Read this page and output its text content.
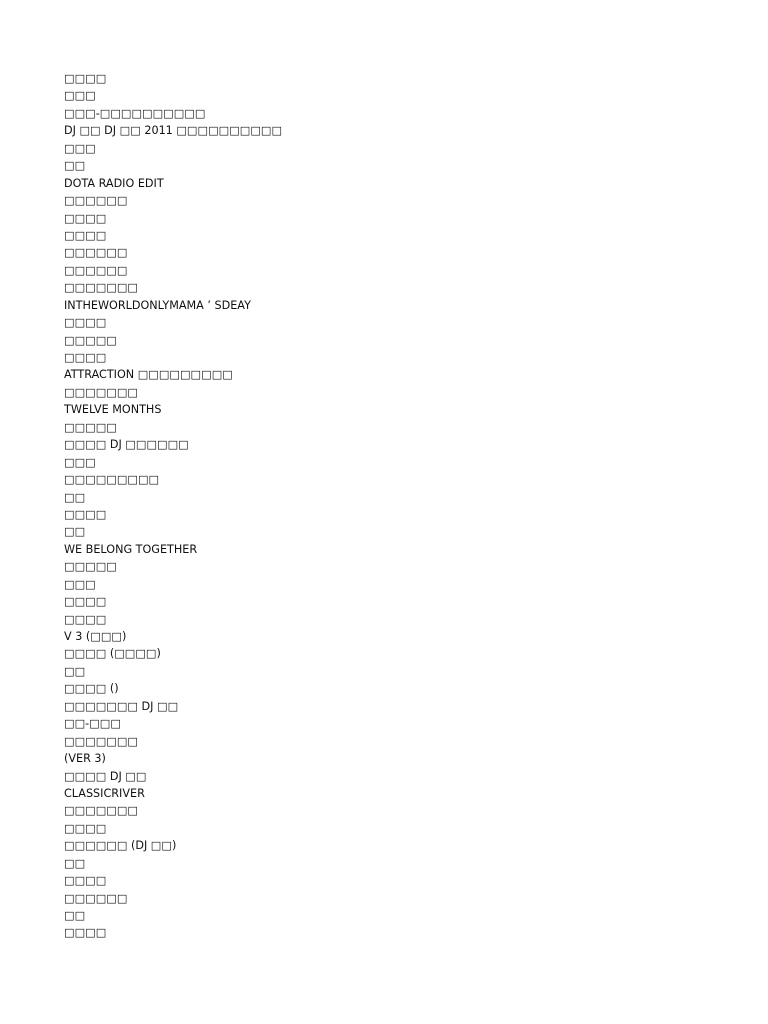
□□□□
□□□
□□□-□□□□□□□□□□
DJ □□ DJ □□ 2011 □□□□□□□□□□
□□□
□□
DOTA RADIO EDIT
□□□□□□
□□□□
□□□□
□□□□□□
□□□□□□
□□□□□□□
INTHEWORLDONLYMAMA ’ SDEAY
□□□□
□□□□□
□□□□
ATTRACTION □□□□□□□□□
□□□□□□□
TWELVE MONTHS
□□□□□
□□□□ DJ □□□□□□
□□□
□□□□□□□□□
□□
□□□□
□□
WE BELONG TOGETHER
□□□□□
□□□
□□□□
□□□□
V 3 (□□□)
□□□□ (□□□□)
□□
□□□□ ()
□□□□□□□ DJ □□
□□-□□□
□□□□□□□
(VER 3)
□□□□ DJ □□
CLASSICRIVER
□□□□□□□
□□□□
□□□□□□ (DJ □□)
□□
□□□□
□□□□□□
□□
□□□□
